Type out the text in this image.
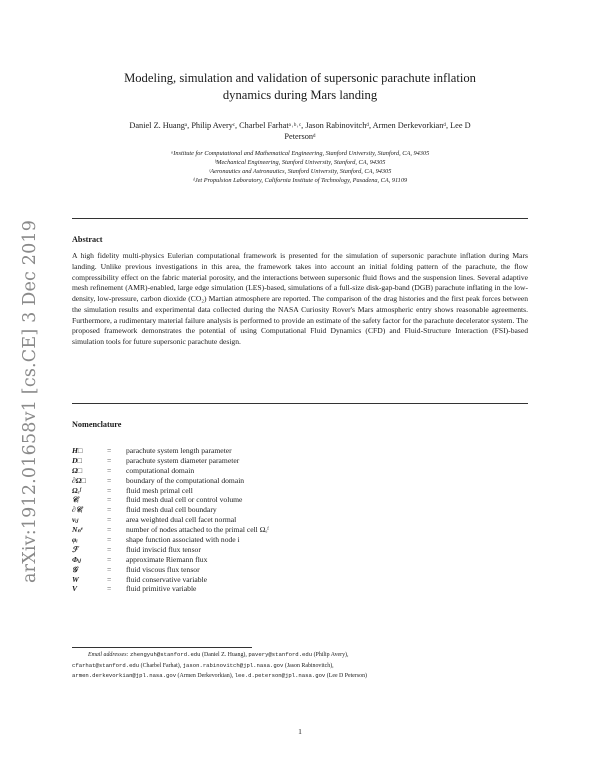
arXiv:1912.01658v1 [cs.CE] 3 Dec 2019
Modeling, simulation and validation of supersonic parachute inflation
dynamics during Mars landing
Daniel Z. Huangᵃ, Philip Averyᶜ, Charbel Farhatᵃ˒ᵇ˒ᶜ, Jason Rabinovitchᵈ, Armen Derkevorkianᵈ, Lee D
Petersonᵈ
ᵃInstitute for Computational and Mathematical Engineering, Stanford University, Stanford, CA, 94305
ᵇMechanical Engineering, Stanford University, Stanford, CA, 94305
ᶜAeronautics and Astronautics, Stanford University, Stanford, CA, 94305
ᵈJet Propulsion Laboratory, California Institute of Technology, Pasadena, CA, 91109
Abstract
A high fidelity multi-physics Eulerian computational framework is presented for the simulation of supersonic parachute inflation during Mars landing. Unlike previous investigations in this area, the framework takes into account an initial folding pattern of the parachute, the flow compressibility effect on the fabric material porosity, and the interactions between supersonic fluid flows and the suspension lines. Several adaptive mesh refinement (AMR)-enabled, large edge simulation (LES)-based, simulations of a full-size disk-gap-band (DGB) parachute inflating in the low-density, low-pressure, carbon dioxide (CO₂) Martian atmosphere are reported. The comparison of the drag histories and the first peak forces between the simulation results and experimental data collected during the NASA Curiosity Rover's Mars atmospheric entry shows reasonable agreements. Furthermore, a rudimentary material failure analysis is performed to provide an estimate of the safety factor for the parachute decelerator system. The proposed framework demonstrates the potential of using Computational Fluid Dynamics (CFD) and Fluid-Structure Interaction (FSI)-based simulation tools for future supersonic parachute design.
Nomenclature
H□	= parachute system length parameter
D□	= parachute system diameter parameter
Ω□	= computational domain
∂Ω□	= boundary of the computational domain
Ωₑᶠ	= fluid mesh primal cell
𝒞ᵢ	= fluid mesh dual cell or control volume
∂𝒞ᵢ	= fluid mesh dual cell boundary
νᵢⱼ	= area weighted dual cell facet normal
Nₙᵉ	= number of nodes attached to the primal cell Ωₑᶠ
φᵢ	= shape function associated with node i
ℱ	= fluid inviscid flux tensor
Φᵢⱼ	= approximate Riemann flux
𝒢	= fluid viscous flux tensor
W	= fluid conservative variable
V	= fluid primitive variable
Email addresses: zhengyuh@stanford.edu (Daniel Z. Huang), pavery@stanford.edu (Philip Avery),
cfarhat@stanford.edu (Charbel Farhat), jason.rabinovitch@jpl.nasa.gov (Jason Rabinovitch),
armen.derkevorkian@jpl.nasa.gov (Armen Derkevorkian), lee.d.peterson@jpl.nasa.gov (Lee D Peterson)
1
